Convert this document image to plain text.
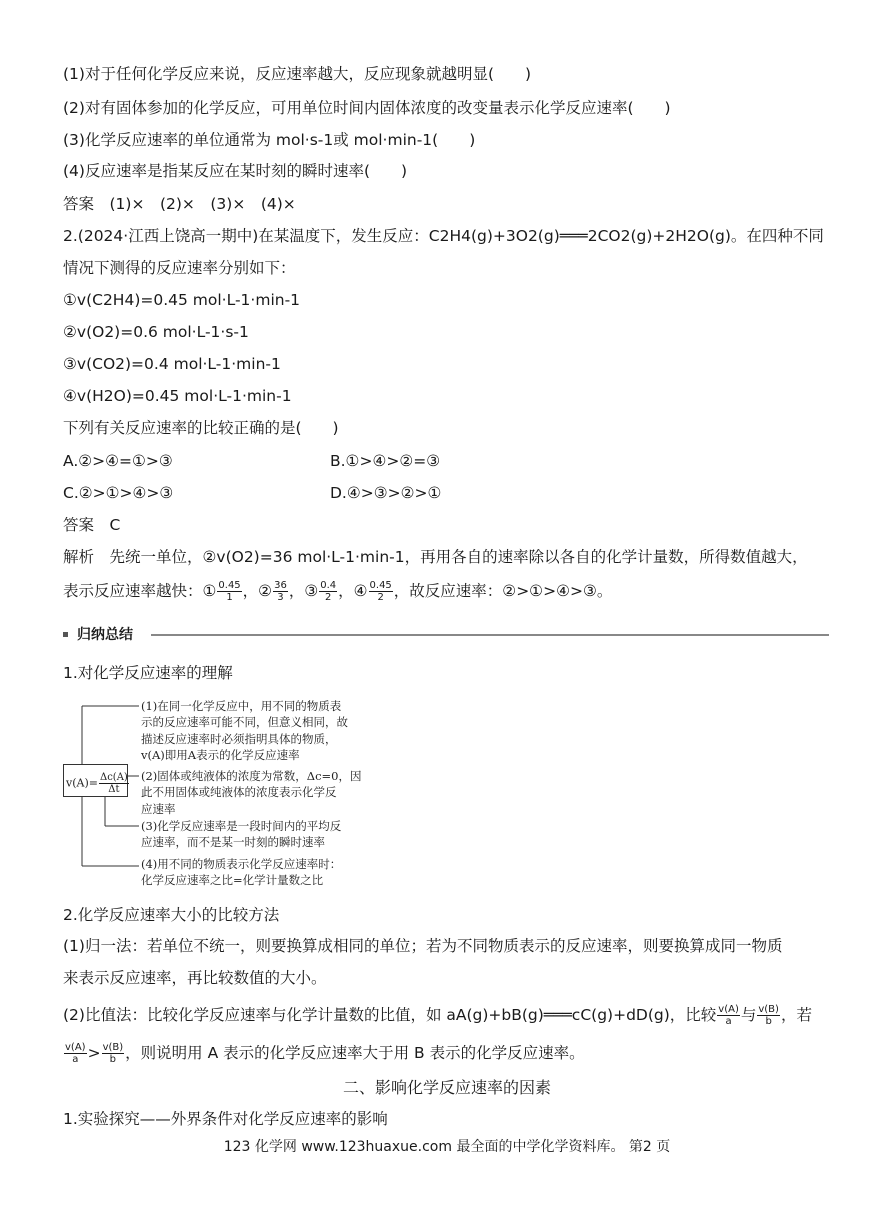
(1)对于任何化学反应来说，反应速率越大，反应现象就越明显(　　)
(2)对有固体参加的化学反应，可用单位时间内固体浓度的改变量表示化学反应速率(　　)
(3)化学反应速率的单位通常为 mol·s-1或 mol·min-1(　　)
(4)反应速率是指某反应在某时刻的瞬时速率(　　)
答案　(1)×　(2)×　(3)×　(4)×
2.(2024·江西上饶高一期中)在某温度下，发生反应：C2H4(g)+3O2(g)═══2CO2(g)+2H2O(g)。在四种不同
情况下测得的反应速率分别如下：
①v(C2H4)=0.45 mol·L-1·min-1
②v(O2)=0.6 mol·L-1·s-1
③v(CO2)=0.4 mol·L-1·min-1
④v(H2O)=0.45 mol·L-1·min-1
下列有关反应速率的比较正确的是(　　)
A.②>④=①>③	B.①>④>②=③
C.②>①>④>③	D.④>③>②>①
答案　C
解析　先统一单位，②v(O2)=36 mol·L-1·min-1，再用各自的速率除以各自的化学计量数，所得数值越大，
表示反应速率越快：① $\frac{0.45}{1}$ ，② $\frac{36}{3}$ ，③ $\frac{0.4}{2}$ ，④ $\frac{0.45}{2}$ ，故反应速率：②>①>④>③。
归纳总结
1.对化学反应速率的理解
$v(A)= \frac{\Delta c(A)}{\Delta t}$
(1)在同一化学反应中，用不同的物质表
示的反应速率可能不同，但意义相同，故
描述反应速率时必须指明具体的物质，
v(A)即用A表示的化学反应速率
(2)固体或纯液体的浓度为常数，Δc=0，因
此不用固体或纯液体的浓度表示化学反
应速率
(3)化学反应速率是一段时间内的平均反
应速率，而不是某一时刻的瞬时速率
(4)用不同的物质表示化学反应速率时：
化学反应速率之比=化学计量数之比
2.化学反应速率大小的比较方法
(1)归一法：若单位不统一，则要换算成相同的单位；若为不同物质表示的反应速率，则要换算成同一物质
来表示反应速率，再比较数值的大小。
(2)比值法：比较化学反应速率与化学计量数的比值，如 aA(g)+bB(g)═══cC(g)+dD(g)，比较 $\frac{v(A)}{a}$ 与 $\frac{v(B)}{b}$ ，若
$\frac{v(A)}{a} > \frac{v(B)}{b}$ ，则说明用 A 表示的化学反应速率大于用 B 表示的化学反应速率。
二、影响化学反应速率的因素
1.实验探究——外界条件对化学反应速率的影响
123 化学网 www.123huaxue.com 最全面的中学化学资料库。 第2 页
